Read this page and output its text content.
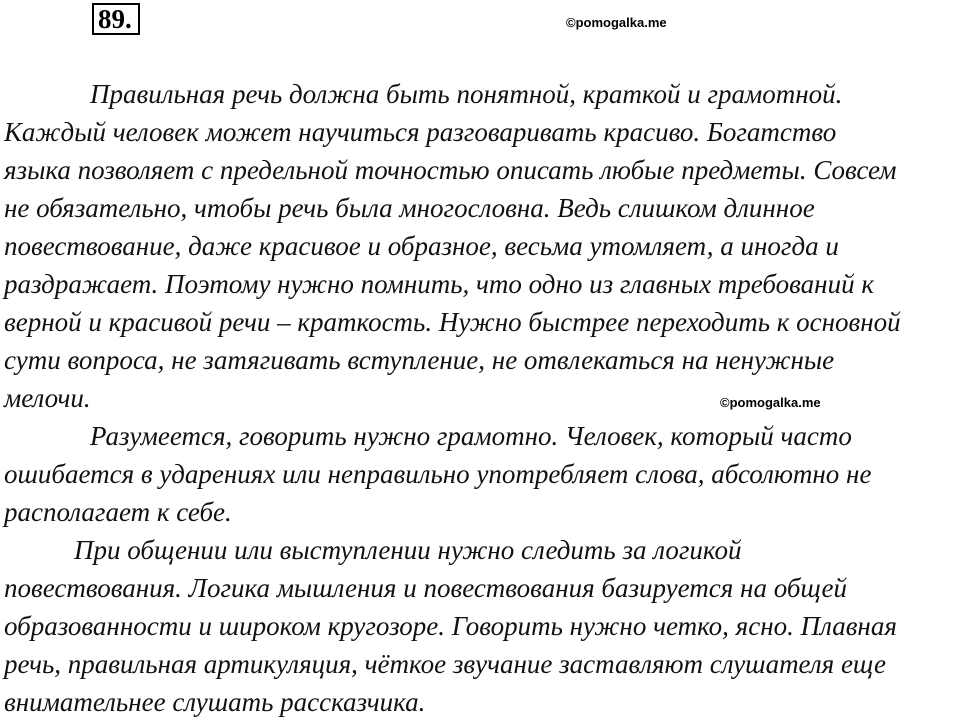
89.	©pomogalka.me
Правильная речь должна быть понятной, краткой и грамотной.
Каждый человек может научиться разговаривать красиво. Богатство
языка позволяет с предельной точностью описать любые предметы. Совсем
не обязательно, чтобы речь была многословна. Ведь слишком длинное
повествование, даже красивое и образное, весьма утомляет, а иногда и
раздражает. Поэтому нужно помнить, что одно из главных требований к
верной и красивой речи – краткость. Нужно быстрее переходить к основной
сути вопроса, не затягивать вступление, не отвлекаться на ненужные
мелочи.	©pomogalka.me
Разумеется, говорить нужно грамотно. Человек, который часто
ошибается в ударениях или неправильно употребляет слова, абсолютно не
располагает к себе.
При общении или выступлении нужно следить за логикой
повествования. Логика мышления и повествования базируется на общей
образованности и широком кругозоре. Говорить нужно четко, ясно. Плавная
речь, правильная артикуляция, чёткое звучание заставляют слушателя еще
внимательнее слушать рассказчика.
